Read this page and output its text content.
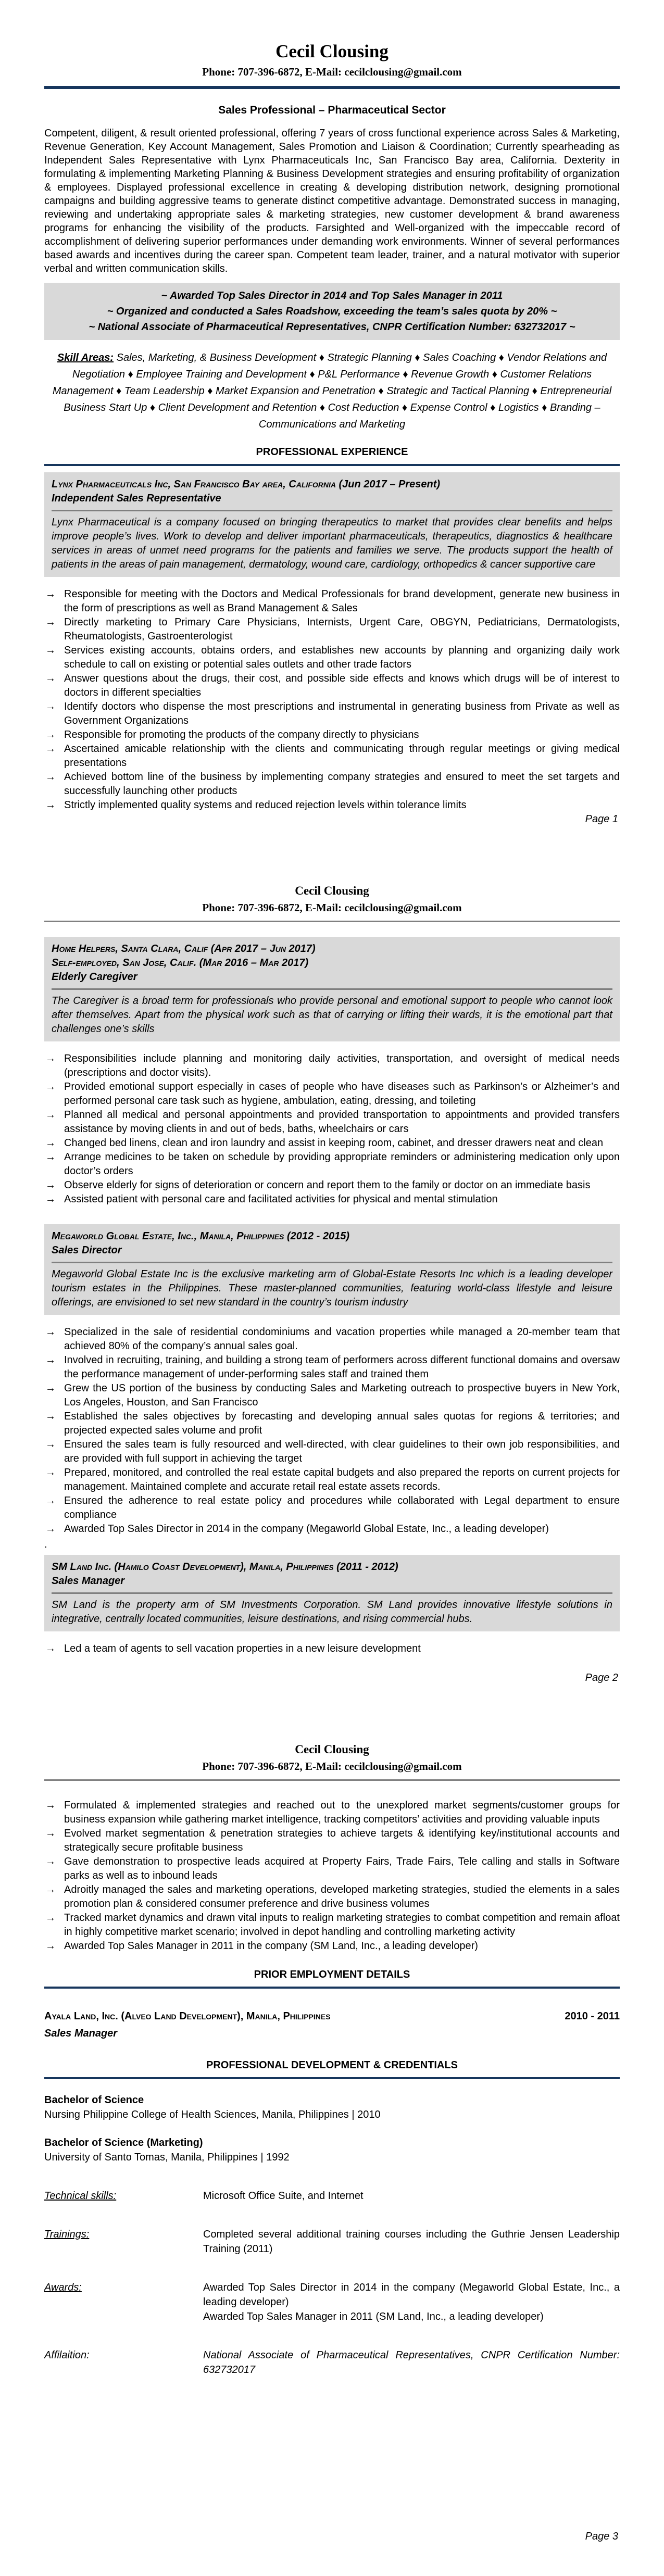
Cecil Clousing
Phone: 707-396-6872, E-Mail: cecilclousing@gmail.com
Sales Professional – Pharmaceutical Sector

Competent, diligent, & result oriented professional, offering 7 years of cross functional experience across Sales & Marketing, Revenue Generation, Key Account Management, Sales Promotion and Liaison & Coordination; Currently spearheading as Independent Sales Representative with Lynx Pharmaceuticals Inc, San Francisco Bay area, California. Dexterity in formulating & implementing Marketing Planning & Business Development strategies and ensuring profitability of organization & employees. Displayed professional excellence in creating & developing distribution network, designing promotional campaigns and building aggressive teams to generate distinct competitive advantage. Demonstrated success in managing, reviewing and undertaking appropriate sales & marketing strategies, new customer development & brand awareness programs for enhancing the visibility of the products. Farsighted and Well-organized with the impeccable record of accomplishment of delivering superior performances under demanding work environments. Winner of several performances based awards and incentives during the career span. Competent team leader, trainer, and a natural motivator with superior verbal and written communication skills.

~ Awarded Top Sales Director in 2014 and Top Sales Manager in 2011
~ Organized and conducted a Sales Roadshow, exceeding the team’s sales quota by 20% ~
~ National Associate of Pharmaceutical Representatives, CNPR Certification Number: 632732017 ~

Skill Areas: Sales, Marketing, & Business Development ♦ Strategic Planning ♦ Sales Coaching ♦ Vendor Relations and Negotiation ♦ Employee Training and Development ♦ P&L Performance ♦ Revenue Growth ♦ Customer Relations Management ♦ Team Leadership ♦ Market Expansion and Penetration ♦ Strategic and Tactical Planning ♦ Entrepreneurial Business Start Up ♦ Client Development and Retention ♦ Cost Reduction ♦ Expense Control ♦ Logistics ♦ Branding – Communications and Marketing

PROFESSIONAL EXPERIENCE
Lynx Pharmaceuticals Inc, San Francisco Bay area, California (Jun 2017 – Present)
Independent Sales Representative

Lynx Pharmaceutical is a company focused on bringing therapeutics to market that provides clear benefits and helps improve people’s lives. Work to develop and deliver important pharmaceuticals, therapeutics, diagnostics & healthcare services in areas of unmet need programs for the patients and families we serve. The products support the health of patients in the areas of pain management, dermatology, wound care, cardiology, orthopedics & cancer supportive care

→ Responsible for meeting with the Doctors and Medical Professionals for brand development, generate new business in the form of prescriptions as well as Brand Management & Sales
→ Directly marketing to Primary Care Physicians, Internists, Urgent Care, OBGYN, Pediatricians, Dermatologists, Rheumatologists, Gastroenterologist
→ Services existing accounts, obtains orders, and establishes new accounts by planning and organizing daily work schedule to call on existing or potential sales outlets and other trade factors
→ Answer questions about the drugs, their cost, and possible side effects and knows which drugs will be of interest to doctors in different specialties
→ Identify doctors who dispense the most prescriptions and instrumental in generating business from Private as well as Government Organizations
→ Responsible for promoting the products of the company directly to physicians
→ Ascertained amicable relationship with the clients and communicating through regular meetings or giving medical presentations
→ Achieved bottom line of the business by implementing company strategies and ensured to meet the set targets and successfully launching other products
→ Strictly implemented quality systems and reduced rejection levels within tolerance limits
Page 1
Cecil Clousing
Phone: 707-396-6872, E-Mail: cecilclousing@gmail.com
Home Helpers, Santa Clara, Calif (Apr 2017 – Jun 2017)
Self-employed, San Jose, Calif. (Mar 2016 – Mar 2017)
Elderly Caregiver

The Caregiver is a broad term for professionals who provide personal and emotional support to people who cannot look after themselves. Apart from the physical work such as that of carrying or lifting their wards, it is the emotional part that challenges one’s skills

→ Responsibilities include planning and monitoring daily activities, transportation, and oversight of medical needs (prescriptions and doctor visits).
→ Provided emotional support especially in cases of people who have diseases such as Parkinson’s or Alzheimer’s and performed personal care task such as hygiene, ambulation, eating, dressing, and toileting
→ Planned all medical and personal appointments and provided transportation to appointments and provided transfers assistance by moving clients in and out of beds, baths, wheelchairs or cars
→ Changed bed linens, clean and iron laundry and assist in keeping room, cabinet, and dresser drawers neat and clean
→ Arrange medicines to be taken on schedule by providing appropriate reminders or administering medication only upon doctor’s orders
→ Observe elderly for signs of deterioration or concern and report them to the family or doctor on an immediate basis
→ Assisted patient with personal care and facilitated activities for physical and mental stimulation
Megaworld Global Estate, Inc., Manila, Philippines (2012 - 2015)
Sales Director

Megaworld Global Estate Inc is the exclusive marketing arm of Global-Estate Resorts Inc which is a leading developer tourism estates in the Philippines. These master-planned communities, featuring world-class lifestyle and leisure offerings, are envisioned to set new standard in the country’s tourism industry

→ Specialized in the sale of residential condominiums and vacation properties while managed a 20-member team that achieved 80% of the company’s annual sales goal.
→ Involved in recruiting, training, and building a strong team of performers across different functional domains and oversaw the performance management of under-performing sales staff and trained them
→ Grew the US portion of the business by conducting Sales and Marketing outreach to prospective buyers in New York, Los Angeles, Houston, and San Francisco
→ Established the sales objectives by forecasting and developing annual sales quotas for regions & territories; and projected expected sales volume and profit
→ Ensured the sales team is fully resourced and well-directed, with clear guidelines to their own job responsibilities, and are provided with full support in achieving the target
→ Prepared, monitored, and controlled the real estate capital budgets and also prepared the reports on current projects for management. Maintained complete and accurate retail real estate assets records.
→ Ensured the adherence to real estate policy and procedures while collaborated with Legal department to ensure compliance
→ Awarded Top Sales Director in 2014 in the company (Megaworld Global Estate, Inc., a leading developer)
.
SM Land Inc. (Hamilo Coast Development), Manila, Philippines (2011 - 2012)
Sales Manager

SM Land is the property arm of SM Investments Corporation. SM Land provides innovative lifestyle solutions in integrative, centrally located communities, leisure destinations, and rising commercial hubs.

→ Led a team of agents to sell vacation properties in a new leisure development
Page 2
Cecil Clousing
Phone: 707-396-6872, E-Mail: cecilclousing@gmail.com
→ Formulated & implemented strategies and reached out to the unexplored market segments/customer groups for business expansion while gathering market intelligence, tracking competitors’ activities and providing valuable inputs
→ Evolved market segmentation & penetration strategies to achieve targets & identifying key/institutional accounts and strategically secure profitable business
→ Gave demonstration to prospective leads acquired at Property Fairs, Trade Fairs, Tele calling and stalls in Software parks as well as to inbound leads
→ Adroitly managed the sales and marketing operations, developed marketing strategies, studied the elements in a sales promotion plan & considered consumer preference and drive business volumes
→ Tracked market dynamics and drawn vital inputs to realign marketing strategies to combat competition and remain afloat in highly competitive market scenario; involved in depot handling and controlling marketing activity
→ Awarded Top Sales Manager in 2011 in the company (SM Land, Inc., a leading developer)
PRIOR EMPLOYMENT DETAILS
Ayala Land, Inc. (Alveo Land Development), Manila, Philippines	2010 - 2011
Sales Manager
PROFESSIONAL DEVELOPMENT & CREDENTIALS
Bachelor of Science
Nursing Philippine College of Health Sciences, Manila, Philippines | 2010
Bachelor of Science (Marketing)
University of Santo Tomas, Manila, Philippines | 1992
Technical skills:	Microsoft Office Suite, and Internet
Trainings:	Completed several additional training courses including the Guthrie Jensen Leadership Training (2011)
Awards:	Awarded Top Sales Director in 2014 in the company (Megaworld Global Estate, Inc., a leading developer)
Awarded Top Sales Manager in 2011 (SM Land, Inc., a leading developer)
Affilaition:	National Associate of Pharmaceutical Representatives, CNPR Certification Number: 632732017
Page 3
